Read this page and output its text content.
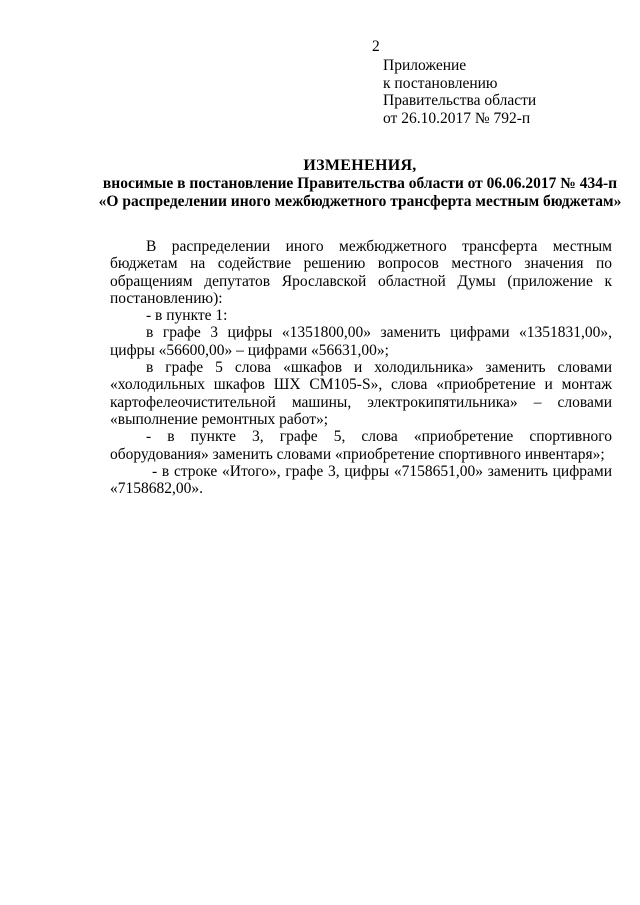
2
Приложение
к постановлению
Правительства области
от 26.10.2017 № 792-п
ИЗМЕНЕНИЯ,
вносимые в постановление Правительства области от 06.06.2017 № 434-п
«О распределении иного межбюджетного трансферта местным бюджетам»

В распределении иного межбюджетного трансферта местным бюджетам на содействие решению вопросов местного значения по обращениям депутатов Ярославской областной Думы (приложение к постановлению):

- в пункте 1:

в графе 3 цифры «1351800,00» заменить цифрами «1351831,00», цифры «56600,00» – цифрами «56631,00»;

в графе 5 слова «шкафов и холодильника» заменить словами «холодильных шкафов ШХ СМ105-S», слова «приобретение и монтаж картофелеочистительной машины, электрокипятильника» – словами «выполнение ремонтных работ»;

- в пункте 3, графе 5, слова «приобретение спортивного оборудования» заменить словами «приобретение спортивного инвентаря»;

- в строке «Итого», графе 3, цифры «7158651,00» заменить цифрами «7158682,00».
